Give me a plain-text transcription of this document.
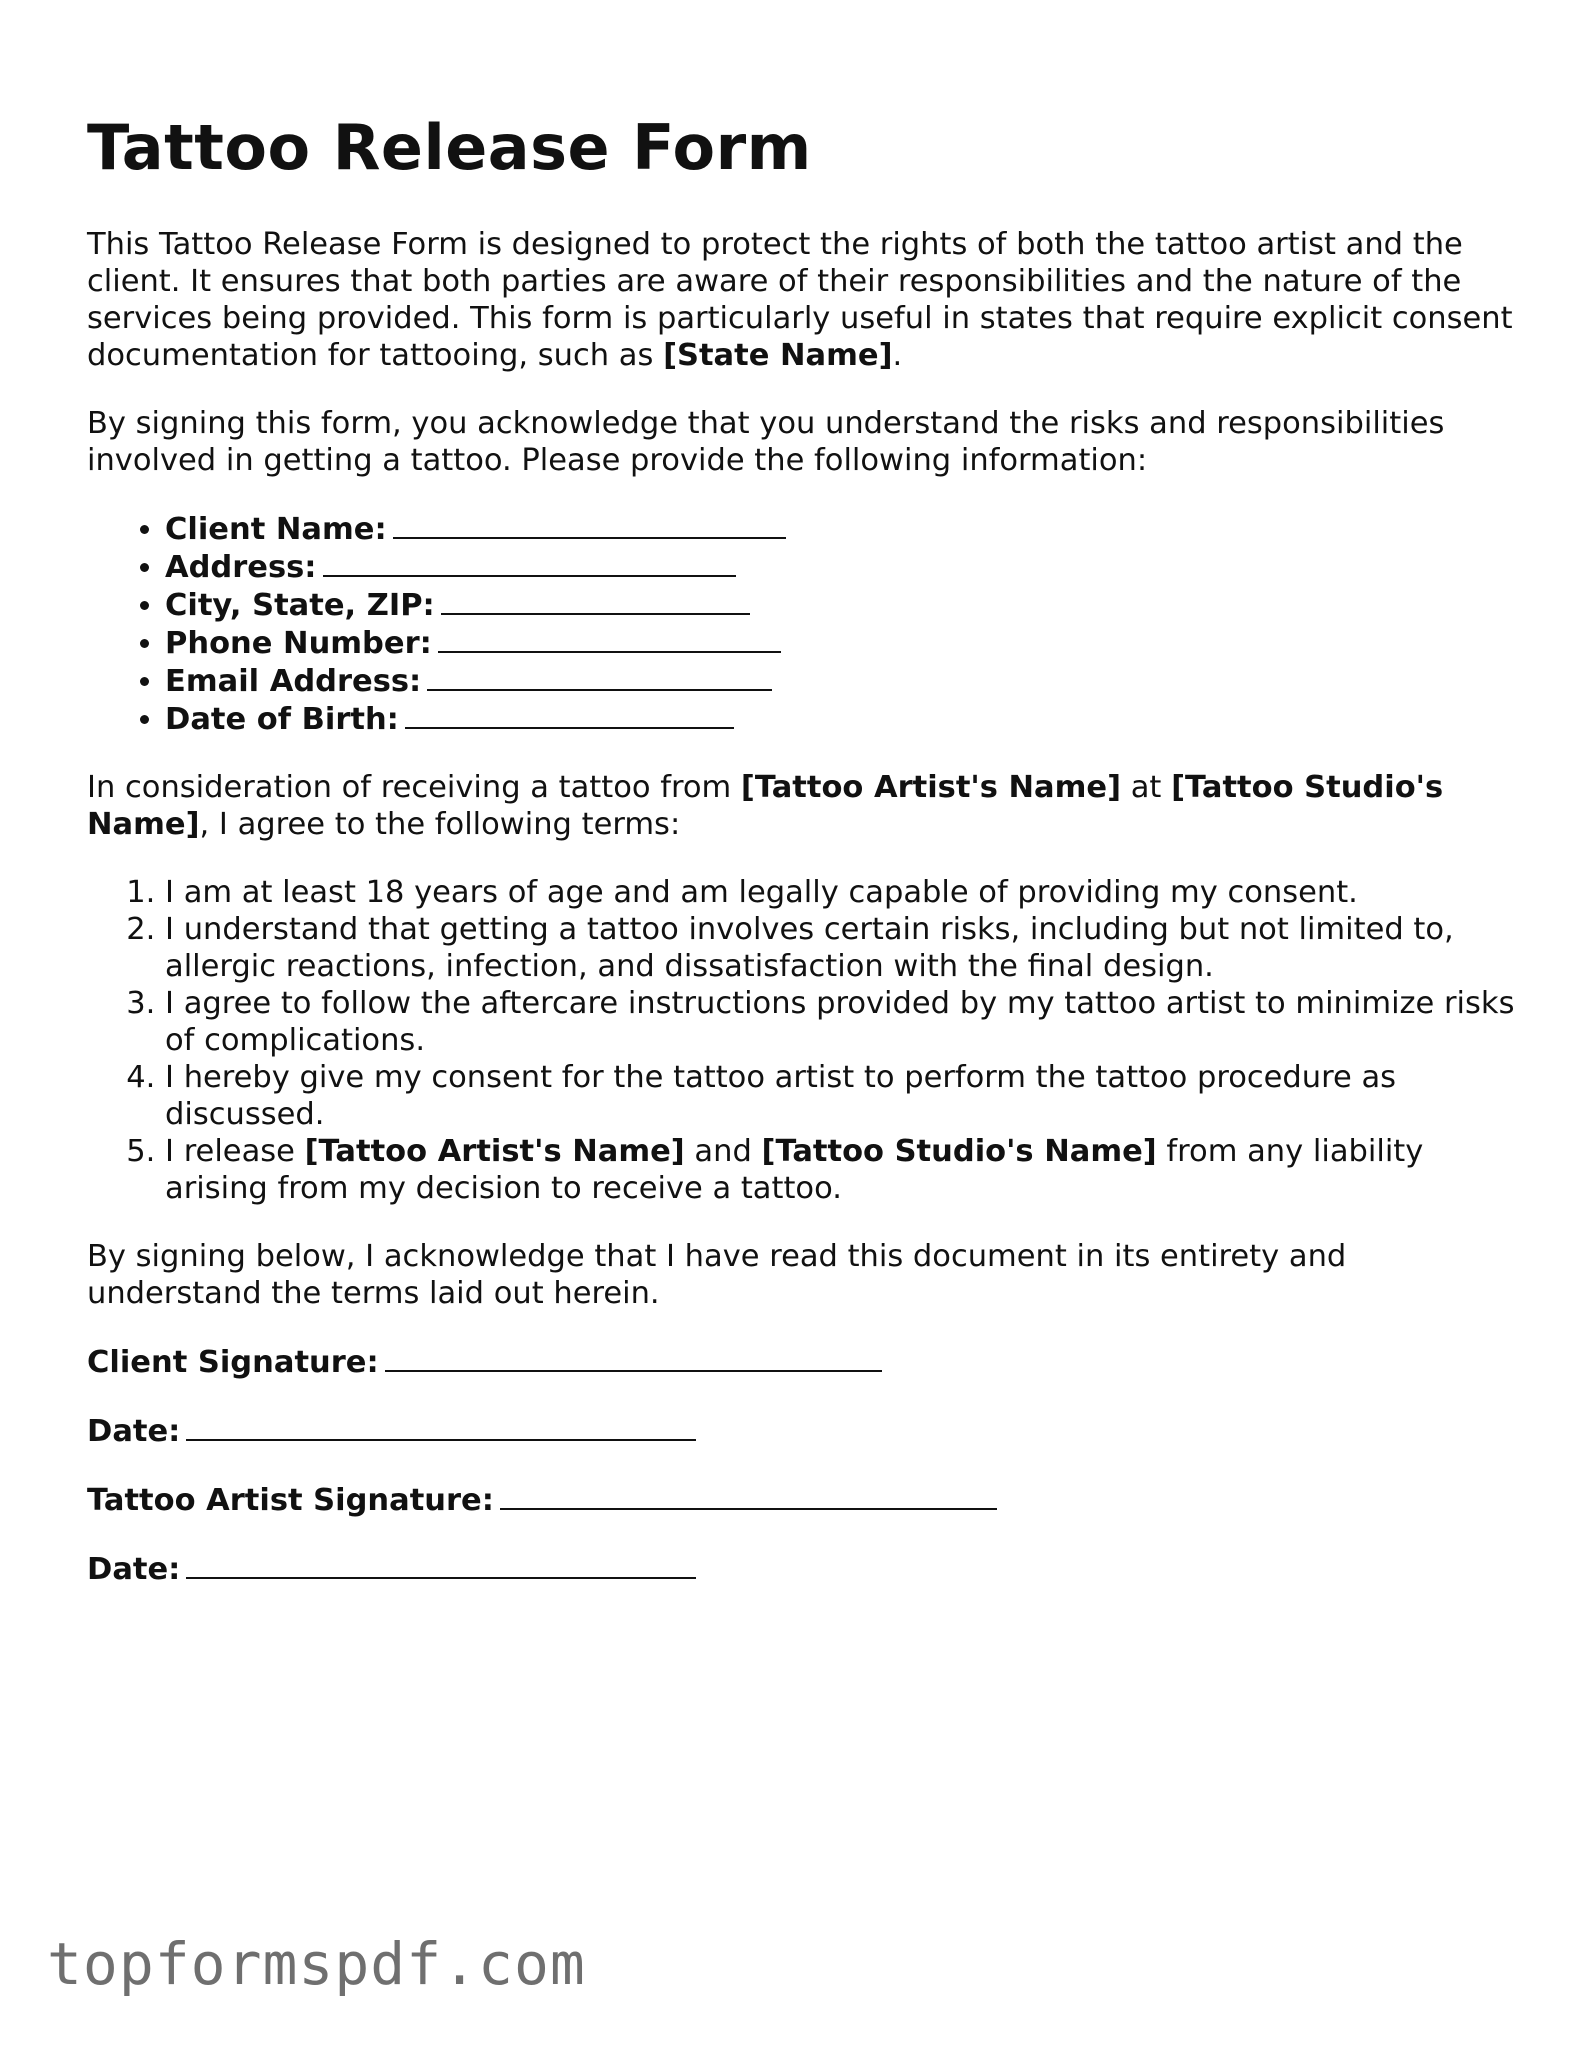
Tattoo Release Form

This Tattoo Release Form is designed to protect the rights of both the tattoo artist and the client. It ensures that both parties are aware of their responsibilities and the nature of the services being provided. This form is particularly useful in states that require explicit consent documentation for tattooing, such as [State Name].

By signing this form, you acknowledge that you understand the risks and responsibilities involved in getting a tattoo. Please provide the following information:

• Client Name:
• Address:
• City, State, ZIP:
• Phone Number:
• Email Address:
• Date of Birth:

In consideration of receiving a tattoo from [Tattoo Artist's Name] at [Tattoo Studio's Name], I agree to the following terms:

1. I am at least 18 years of age and am legally capable of providing my consent.
2. I understand that getting a tattoo involves certain risks, including but not limited to, allergic reactions, infection, and dissatisfaction with the final design.
3. I agree to follow the aftercare instructions provided by my tattoo artist to minimize risks of complications.
4. I hereby give my consent for the tattoo artist to perform the tattoo procedure as discussed.
5. I release [Tattoo Artist's Name] and [Tattoo Studio's Name] from any liability arising from my decision to receive a tattoo.

By signing below, I acknowledge that I have read this document in its entirety and understand the terms laid out herein.

Client Signature:
Date:
Tattoo Artist Signature:
Date:
topformspdf.com
